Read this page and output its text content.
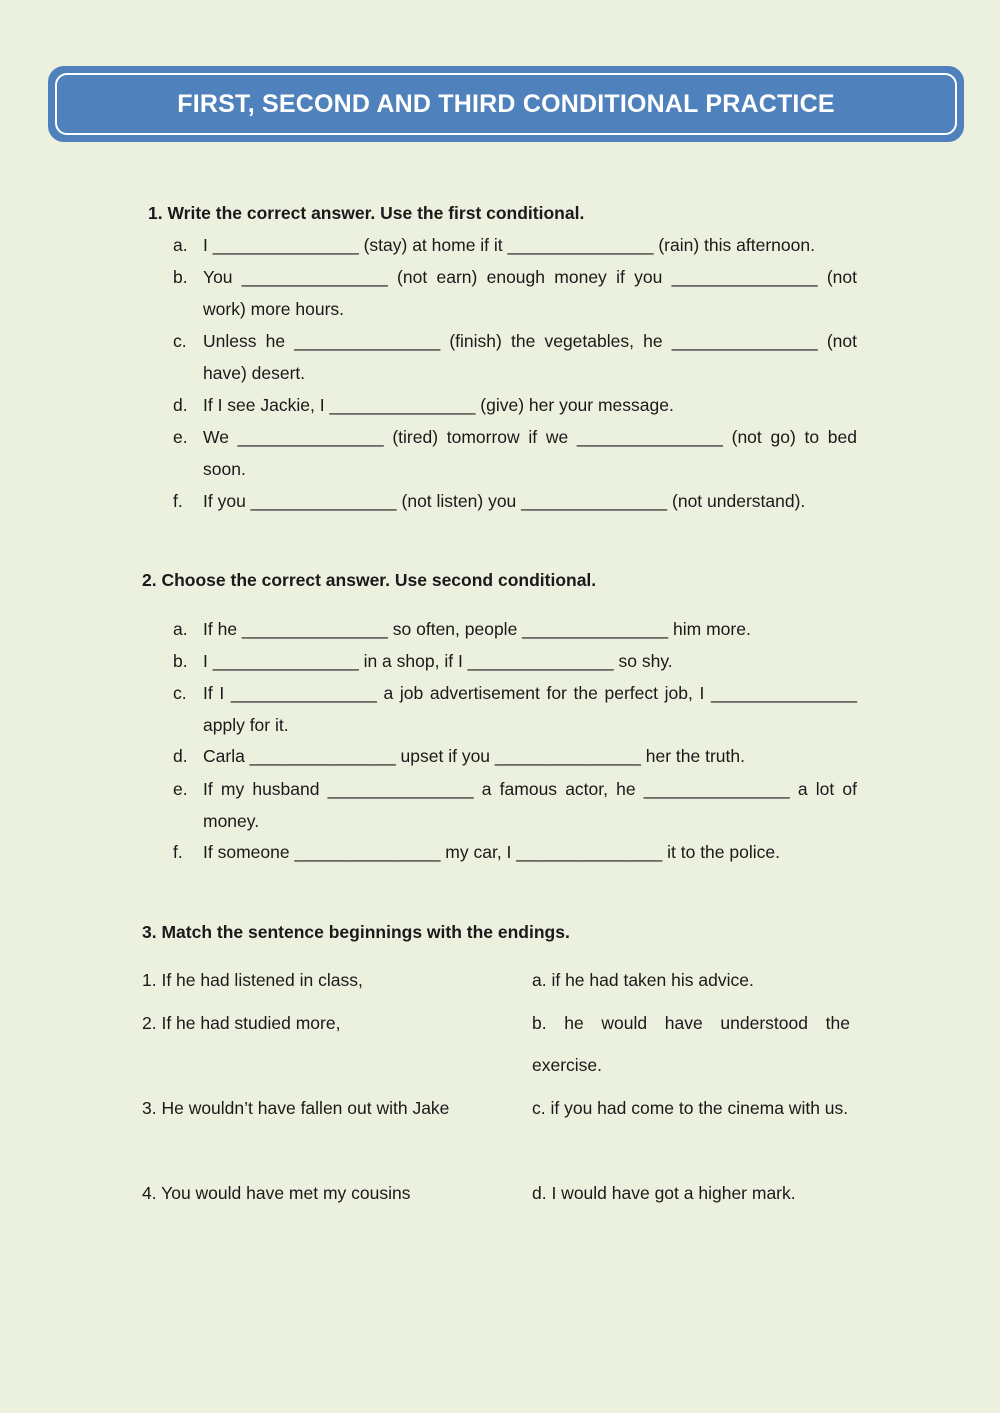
FIRST, SECOND AND THIRD CONDITIONAL PRACTICE
1. Write the correct answer. Use the first conditional.
a. I _______________ (stay) at home if it _______________ (rain) this afternoon.
b. You _______________ (not earn) enough money if you _______________ (not work) more hours.
c. Unless he _______________ (finish) the vegetables, he _______________ (not have) desert.
d. If I see Jackie, I _______________ (give) her your message.
e. We _______________ (tired) tomorrow if we _______________ (not go) to bed soon.
f.	If you _______________ (not listen) you _______________ (not understand).
2. Choose the correct answer. Use second conditional.
a. If he _______________ so often, people _______________ him more.
b. I _______________ in a shop, if I _______________ so shy.
c. If I _______________ a job advertisement for the perfect job, I _______________ apply for it.
d. Carla _______________ upset if you _______________ her the truth.
e. If my husband _______________ a famous actor, he _______________ a lot of money.
f.	If someone _______________ my car, I _______________ it to the police.
3. Match the sentence beginnings with the endings.
1. If he had listened in class,
2. If he had studied more,
3. He wouldn’t have fallen out with Jake
4. You would have met my cousins
a. if he had taken his advice.
b. he would have understood the exercise.
c. if you had come to the cinema with us.
d. I would have got a higher mark.
